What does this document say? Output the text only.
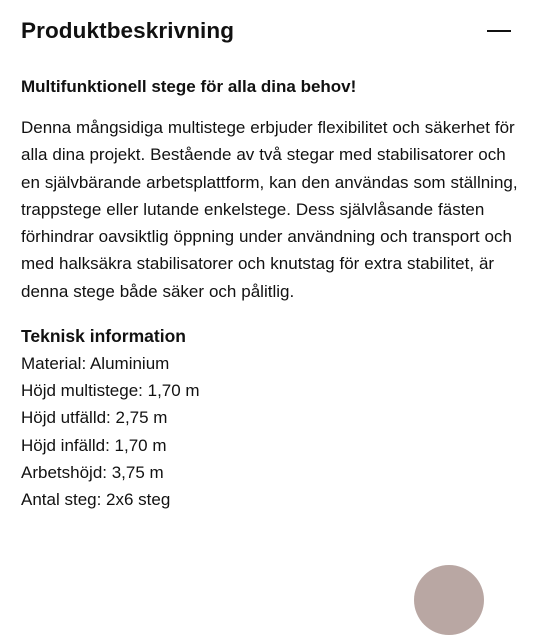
Produktbeskrivning

Multifunktionell stege för alla dina behov!

Denna mångsidiga multistege erbjuder flexibilitet och säkerhet för alla dina projekt. Bestående av två stegar med stabilisatorer och en självbärande arbetsplattform, kan den användas som ställning, trappstege eller lutande enkelstege. Dess självlåsande fästen förhindrar oavsiktlig öppning under användning och transport och med halksäkra stabilisatorer och knutstag för extra stabilitet, är denna stege både säker och pålitlig.

Teknisk information
Material: Aluminium
Höjd multistege: 1,70 m
Höjd utfälld: 2,75 m
Höjd infälld: 1,70 m
Arbetshöjd: 3,75 m
Antal steg: 2x6 steg
